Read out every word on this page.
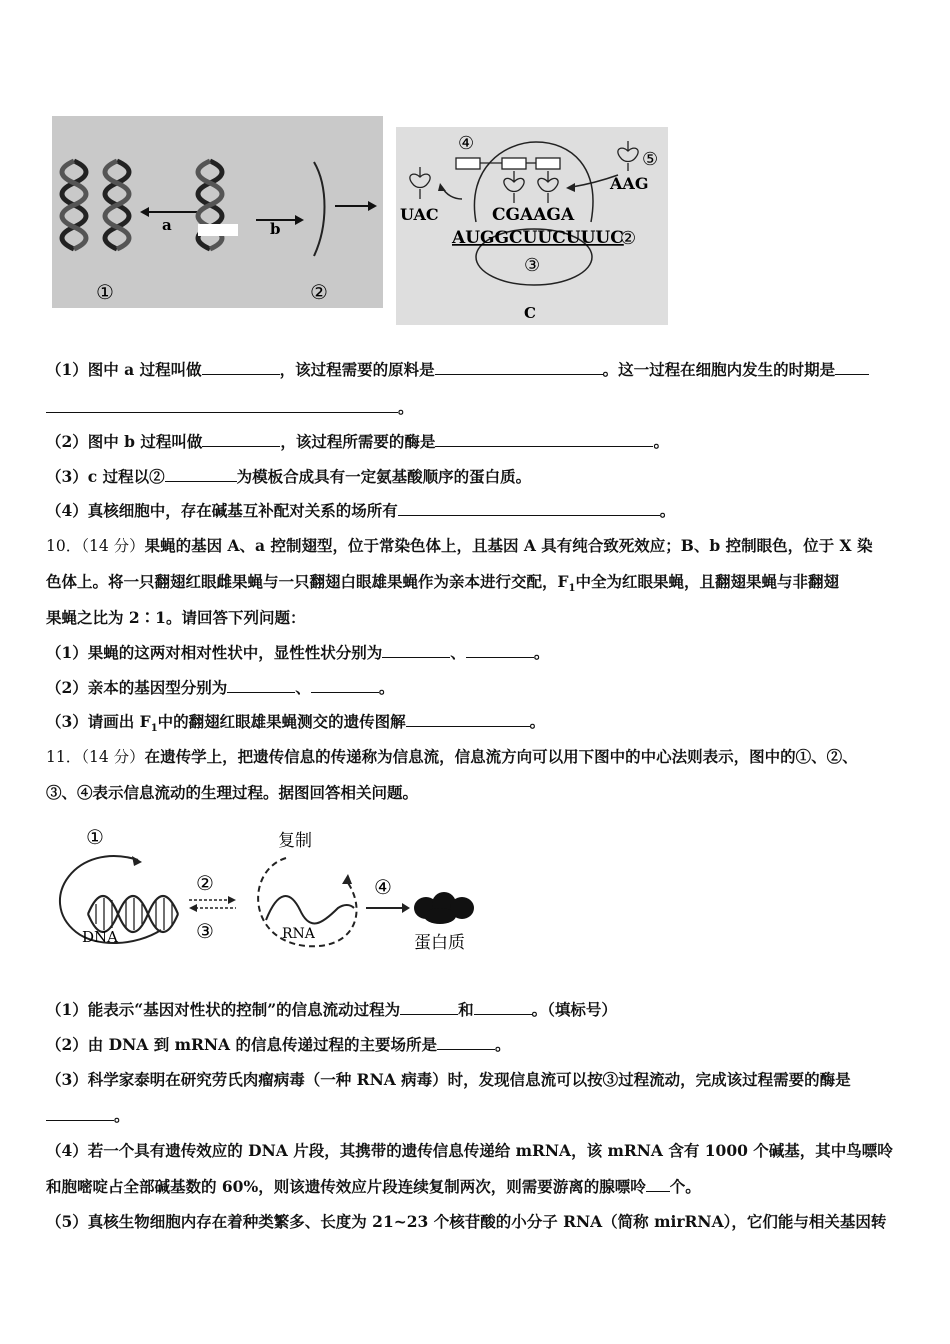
a	b
①	②
④
⑤
UAC
AAG
CGAAGA
AUGGCUUCUUUC
②
③
C
（1）图中 a 过程叫做	，该过程需要的原料是	。这一过程在细胞内发生的时期是
。
（2）图中 b 过程叫做	，该过程所需要的酶是	。
（3）c 过程以②	为模板合成具有一定氨基酸顺序的蛋白质。
（4）真核细胞中，存在碱基互补配对关系的场所有	。
10．（14 分）果蝇的基因 A、a 控制翅型，位于常染色体上，且基因 A 具有纯合致死效应；B、b 控制眼色，位于 X 染
色体上。将一只翻翅红眼雌果蝇与一只翻翅白眼雄果蝇作为亲本进行交配，$F_1$中全为红眼果蝇，且翻翅果蝇与非翻翅
果蝇之比为 2∶1。请回答下列问题：
（1）果蝇的这两对相对性状中，显性性状分别为	、	。
（2）亲本的基因型分别为	、	。
（3）请画出 $F_1$中的翻翅红眼雄果蝇测交的遗传图解	。
11．（14 分）在遗传学上，把遗传信息的传递称为信息流，信息流方向可以用下图中的中心法则表示，图中的①、②、
③、④表示信息流动的生理过程。据图回答相关问题。
①
DNA
②
③
复制
RNA
④
蛋白质
（1）能表示“基因对性状的控制”的信息流动过程为	和	。（填标号）
（2）由 DNA 到 mRNA 的信息传递过程的主要场所是	。
（3）科学家泰明在研究劳氏肉瘤病毒（一种 RNA 病毒）时，发现信息流可以按③过程流动，完成该过程需要的酶是
。
（4）若一个具有遗传效应的 DNA 片段，其携带的遗传信息传递给 mRNA，该 mRNA 含有 1000 个碱基，其中鸟嘌呤
和胞嘧啶占全部碱基数的 60%，则该遗传效应片段连续复制两次，则需要游离的腺嘌呤 个。
（5）真核生物细胞内存在着种类繁多、长度为 21~23 个核苷酸的小分子 RNA（简称 mirRNA），它们能与相关基因转
